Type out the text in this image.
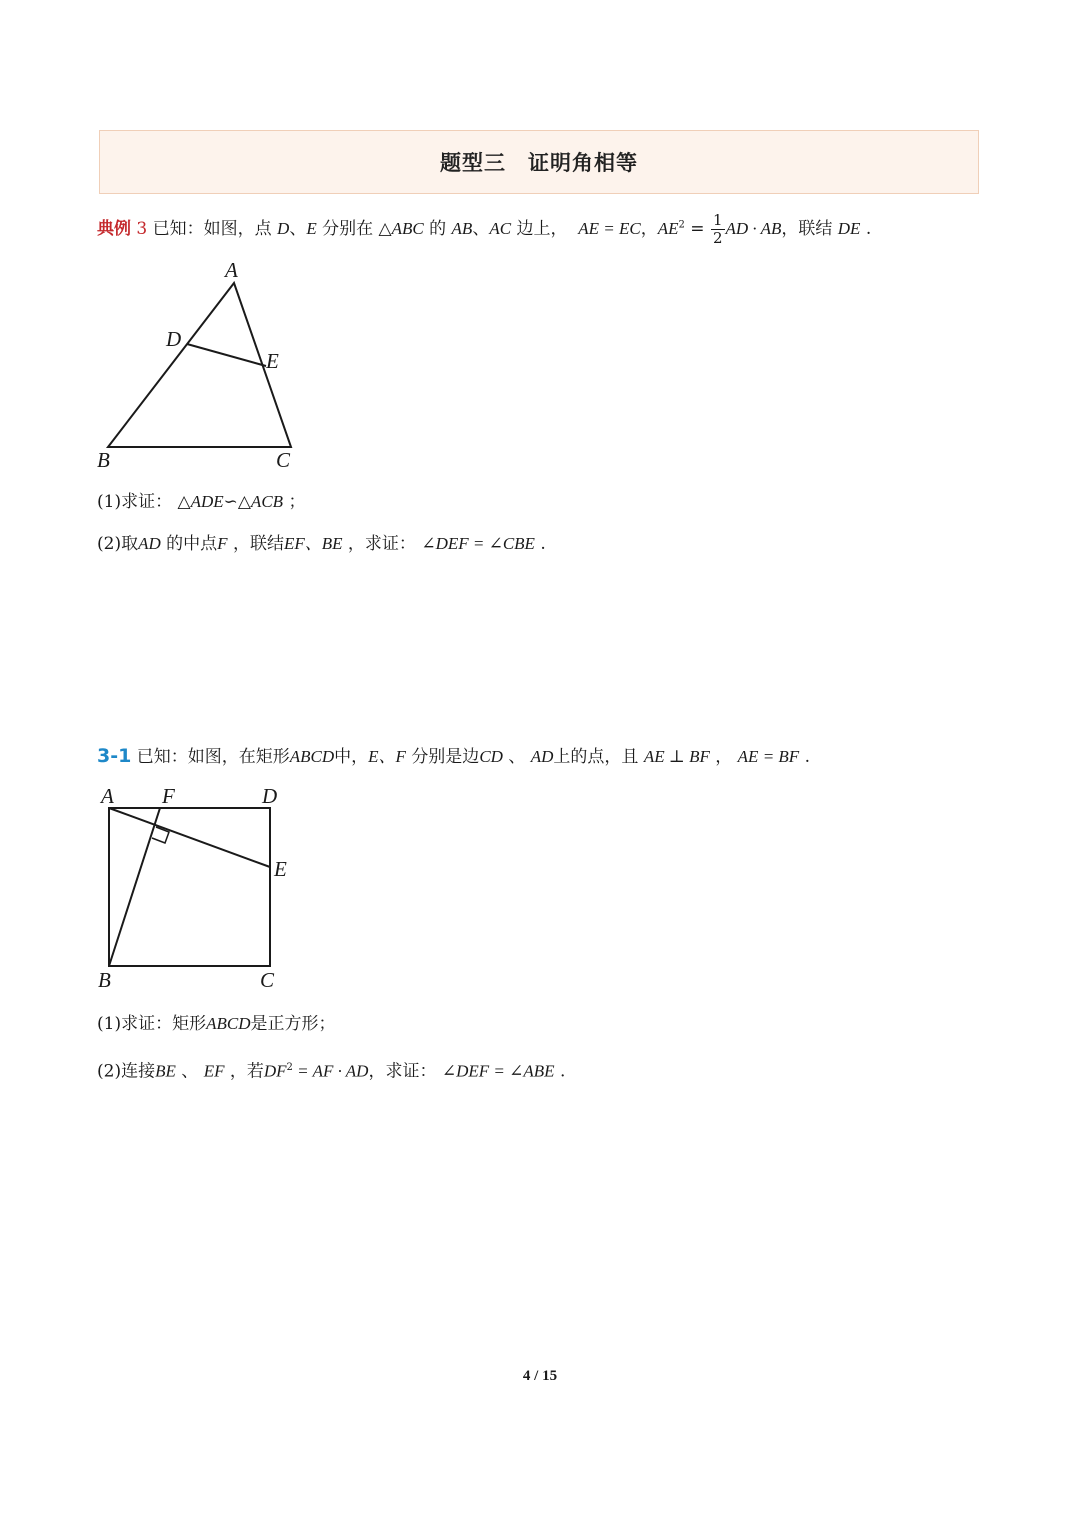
题型三　证明角相等
典例 3 已知：如图，点 D、E 分别在 △ABC 的 AB、AC 边上， AE = EC，$AE^2 = \frac{1}{2}$ AD · AB，联结 DE .
A
D
E
B	C
(1)求证： △ADE∽△ACB ；
(2)取AD 的中点F ，联结EF、BE ，求证： ∠DEF = ∠CBE .
3-1 已知：如图，在矩形ABCD中，E、F 分别是边CD 、 AD上的点，且 AE ⊥ BF ， AE = BF .
A F	D
E
B	C
(1)求证：矩形ABCD是正方形；
(2)连接BE 、 EF ，若$DF^2$ = AF · AD，求证： ∠DEF = ∠ABE .
4 / 15
